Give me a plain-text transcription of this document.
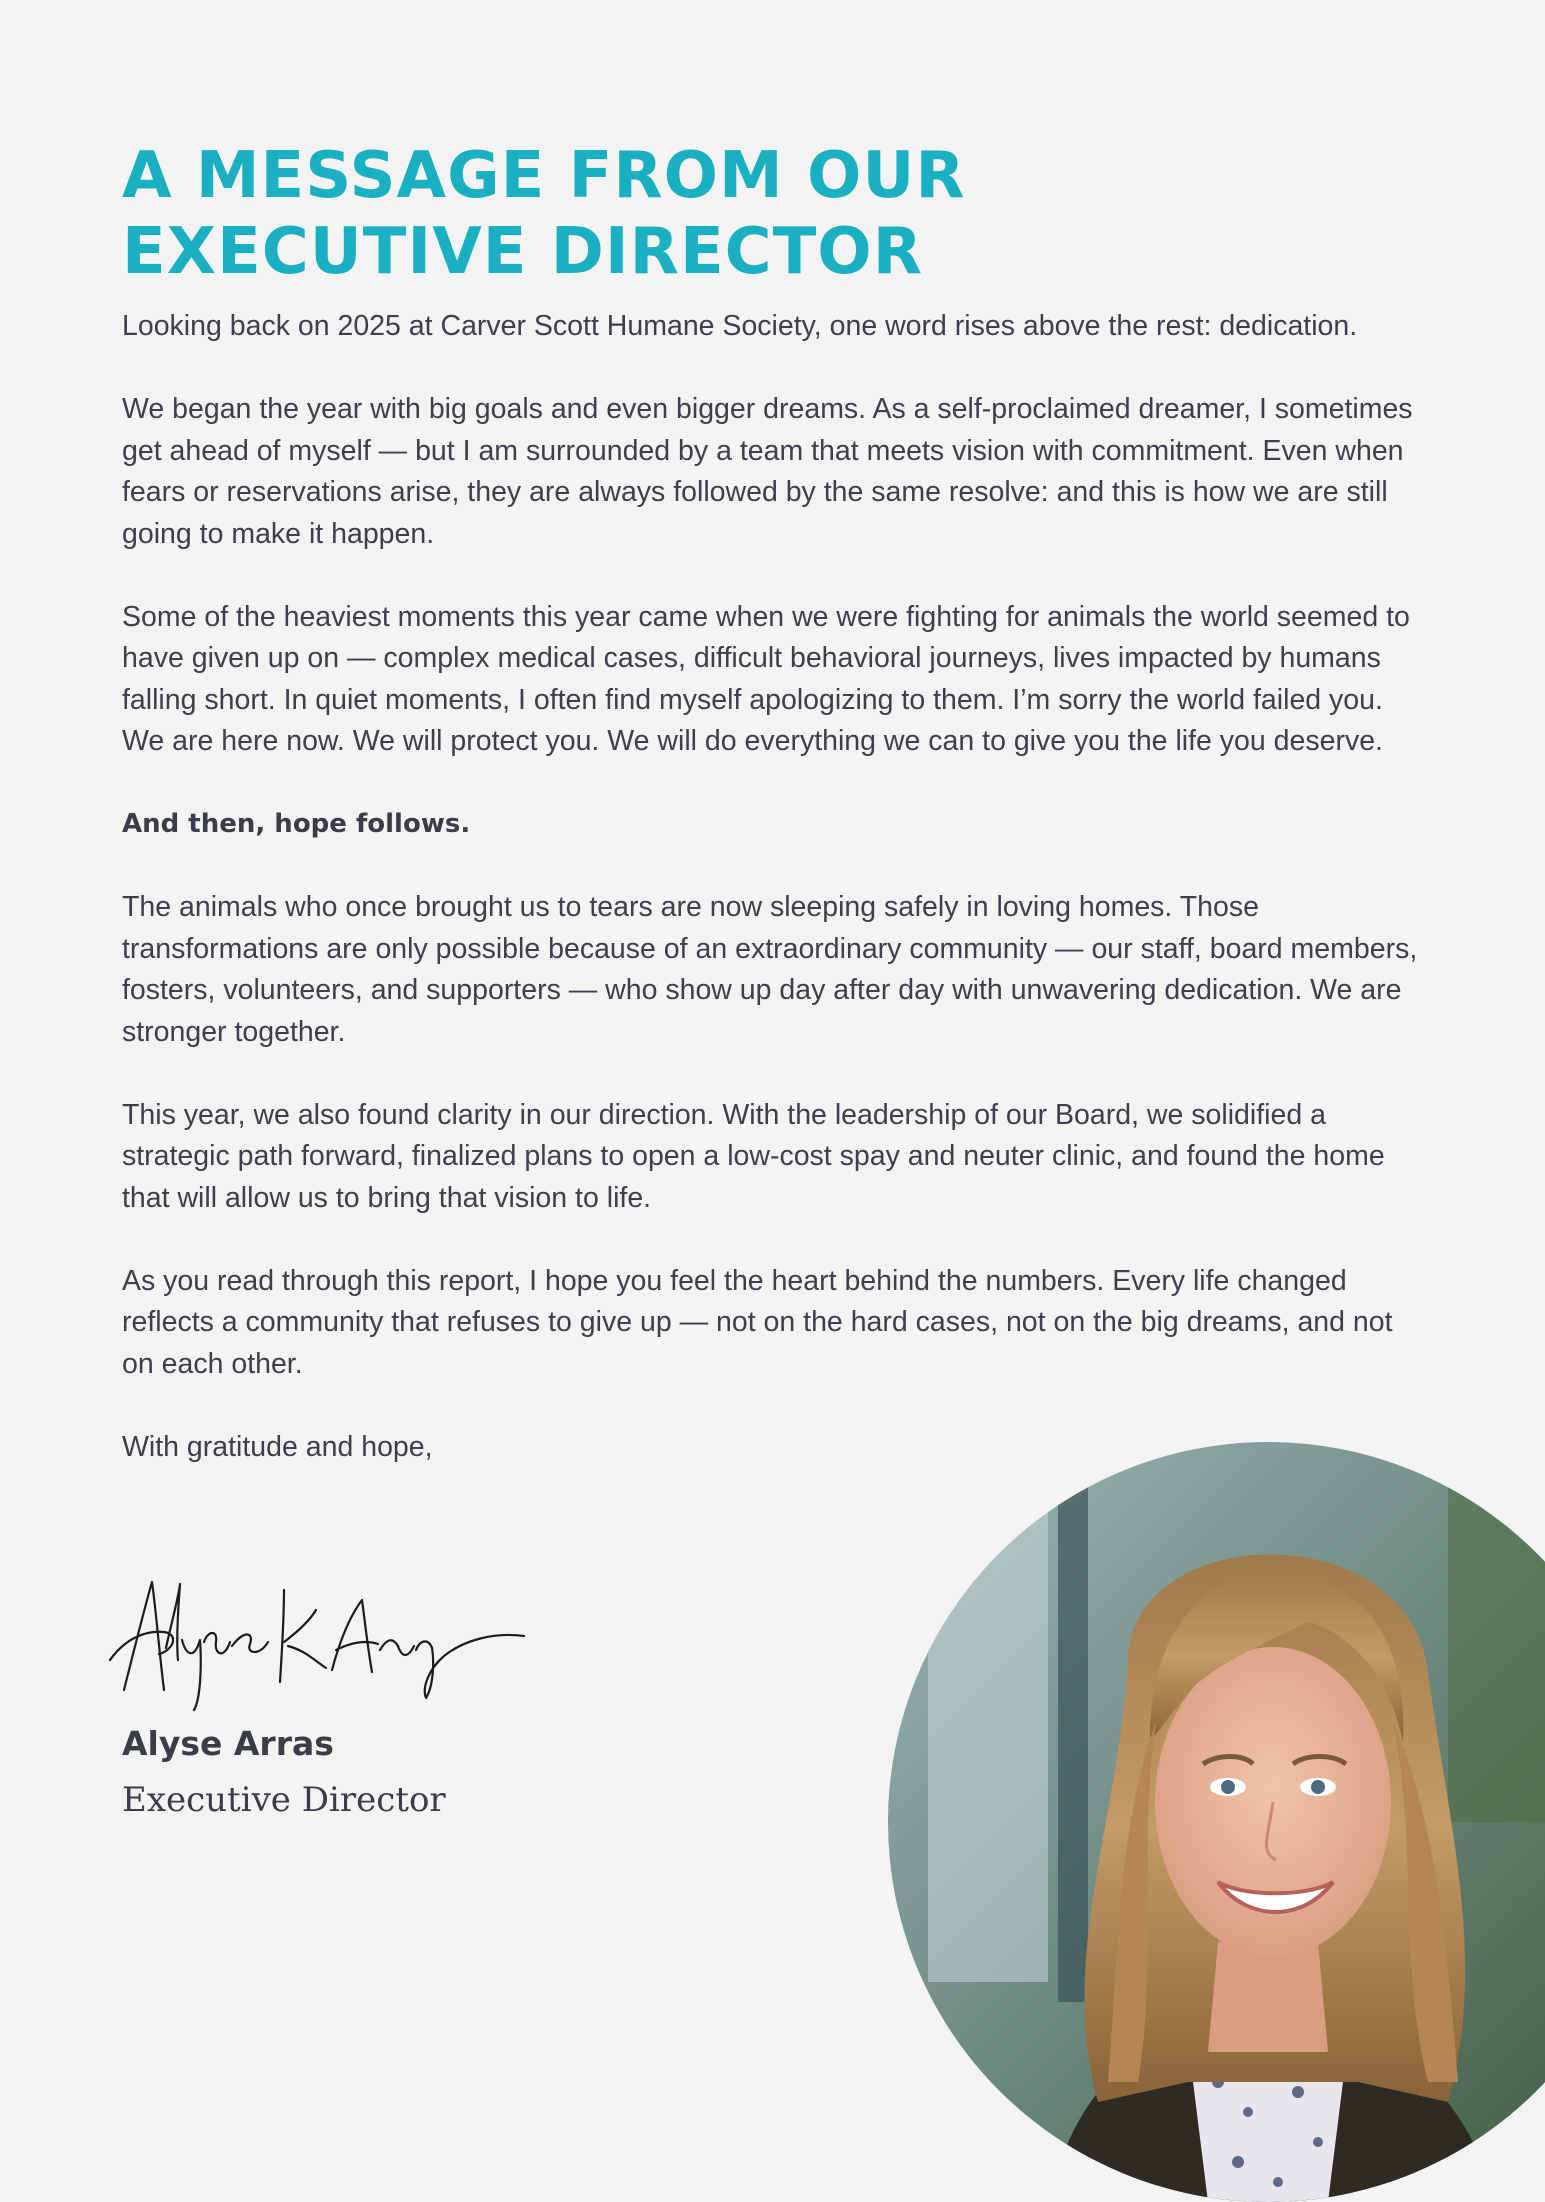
A MESSAGE FROM OUR
EXECUTIVE DIRECTOR

Looking back on 2025 at Carver Scott Humane Society, one word rises above the rest: dedication.

We began the year with big goals and even bigger dreams. As a self-proclaimed dreamer, I sometimes get ahead of myself — but I am surrounded by a team that meets vision with commitment. Even when fears or reservations arise, they are always followed by the same resolve: and this is how we are still going to make it happen.

Some of the heaviest moments this year came when we were fighting for animals the world seemed to have given up on — complex medical cases, difficult behavioral journeys, lives impacted by humans falling short. In quiet moments, I often find myself apologizing to them. I’m sorry the world failed you. We are here now. We will protect you. We will do everything we can to give you the life you deserve.

And then, hope follows.

The animals who once brought us to tears are now sleeping safely in loving homes. Those transformations are only possible because of an extraordinary community — our staff, board members, fosters, volunteers, and supporters — who show up day after day with unwavering dedication. We are stronger together.

This year, we also found clarity in our direction. With the leadership of our Board, we solidified a strategic path forward, finalized plans to open a low-cost spay and neuter clinic, and found the home that will allow us to bring that vision to life.

As you read through this report, I hope you feel the heart behind the numbers. Every life changed reflects a community that refuses to give up — not on the hard cases, not on the big dreams, and not on each other.

With gratitude and hope,

Alyse Arras

Executive Director
